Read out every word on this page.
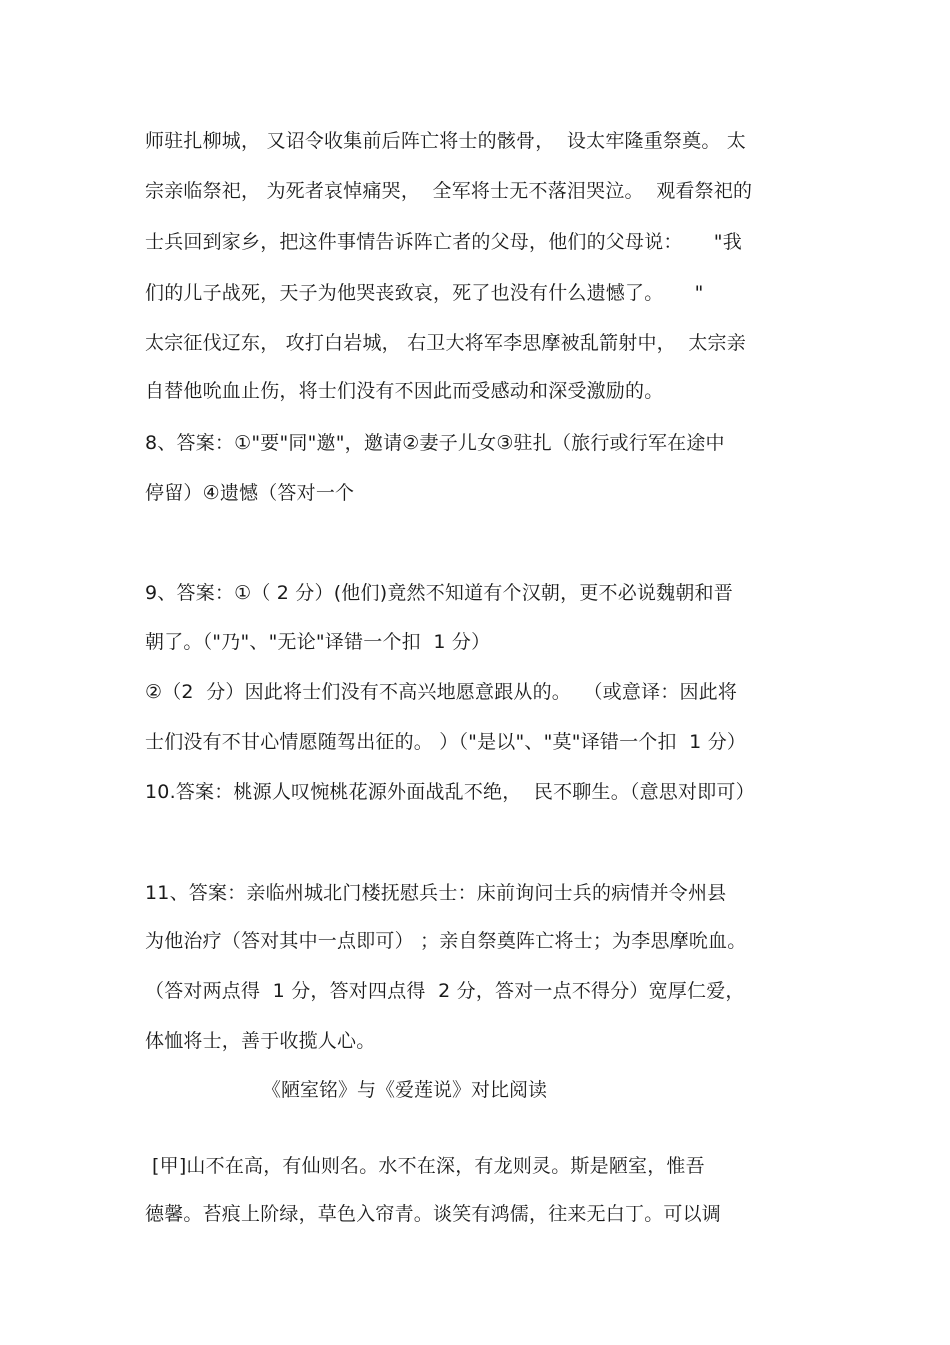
师驻扎柳城， 又诏令收集前后阵亡将士的骸骨，  设太牢隆重祭奠。 太
宗亲临祭祀， 为死者哀悼痛哭，  全军将士无不落泪哭泣。  观看祭祀的
士兵回到家乡，把这件事情告诉阵亡者的父母，他们的父母说：     "我
们的儿子战死，天子为他哭丧致哀，死了也没有什么遗憾了。     "
太宗征伐辽东， 攻打白岩城， 右卫大将军李思摩被乱箭射中，  太宗亲
自替他吮血止伤，将士们没有不因此而受感动和深受激励的。
8、答案：①"要"同"邀"，邀请②妻子儿女③驻扎（旅行或行军在途中
停留）④遗憾（答对一个
9、答案：①（ 2 分）(他们)竟然不知道有个汉朝，更不必说魏朝和晋
朝了。（"乃"、"无论"译错一个扣  1 分）
②（2  分）因此将士们没有不高兴地愿意跟从的。  （或意译：因此将
士们没有不甘心情愿随驾出征的。 ）（"是以"、"莫"译错一个扣  1 分）
10.答案：桃源人叹惋桃花源外面战乱不绝，  民不聊生。（意思对即可）
11、答案：亲临州城北门楼抚慰兵士：床前询问士兵的病情并令州县
为他治疗（答对其中一点即可） ；亲自祭奠阵亡将士；为李思摩吮血。
（答对两点得  1 分，答对四点得  2 分，答对一点不得分）宽厚仁爱，
体恤将士，善于收揽人心。
《陋室铭》与《爱莲说》对比阅读
[甲]山不在高，有仙则名。水不在深，有龙则灵。斯是陋室，惟吾
德馨。苔痕上阶绿，草色入帘青。谈笑有鸿儒，往来无白丁。可以调
